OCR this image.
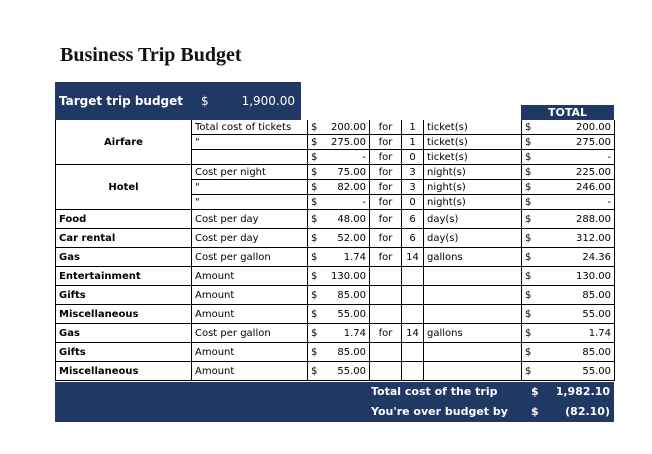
Business Trip Budget
Target trip budget $	1,900.00
TOTAL
Airfare	Total cost of tickets	$	200.00	for	1	ticket(s)	$	200.00
	"	$	275.00	for	1	ticket(s)	$	275.00
		$	-	for	0	ticket(s)	$	-
Hotel	Cost per night	$	75.00	for	3	night(s)	$	225.00
	"	$	82.00	for	3	night(s)	$	246.00
	"	$	-	for	0	night(s)	$	-
Food	Cost per day	$	48.00	for	6	day(s)	$	288.00
Car rental	Cost per day	$	52.00	for	6	day(s)	$	312.00
Gas	Cost per gallon	$	1.74	for	14	gallons	$	24.36
Entertainment	Amount	$	130.00				$	130.00
Gifts	Amount	$	85.00				$	85.00
Miscellaneous	Amount	$	55.00				$	55.00
Gas	Cost per gallon	$	1.74	for	14	gallons	$	1.74
Gifts	Amount	$	85.00				$	85.00
Miscellaneous	Amount	$	55.00				$	55.00
Total cost of the trip	$ 1,982.10
You're over budget by $ (82.10)
